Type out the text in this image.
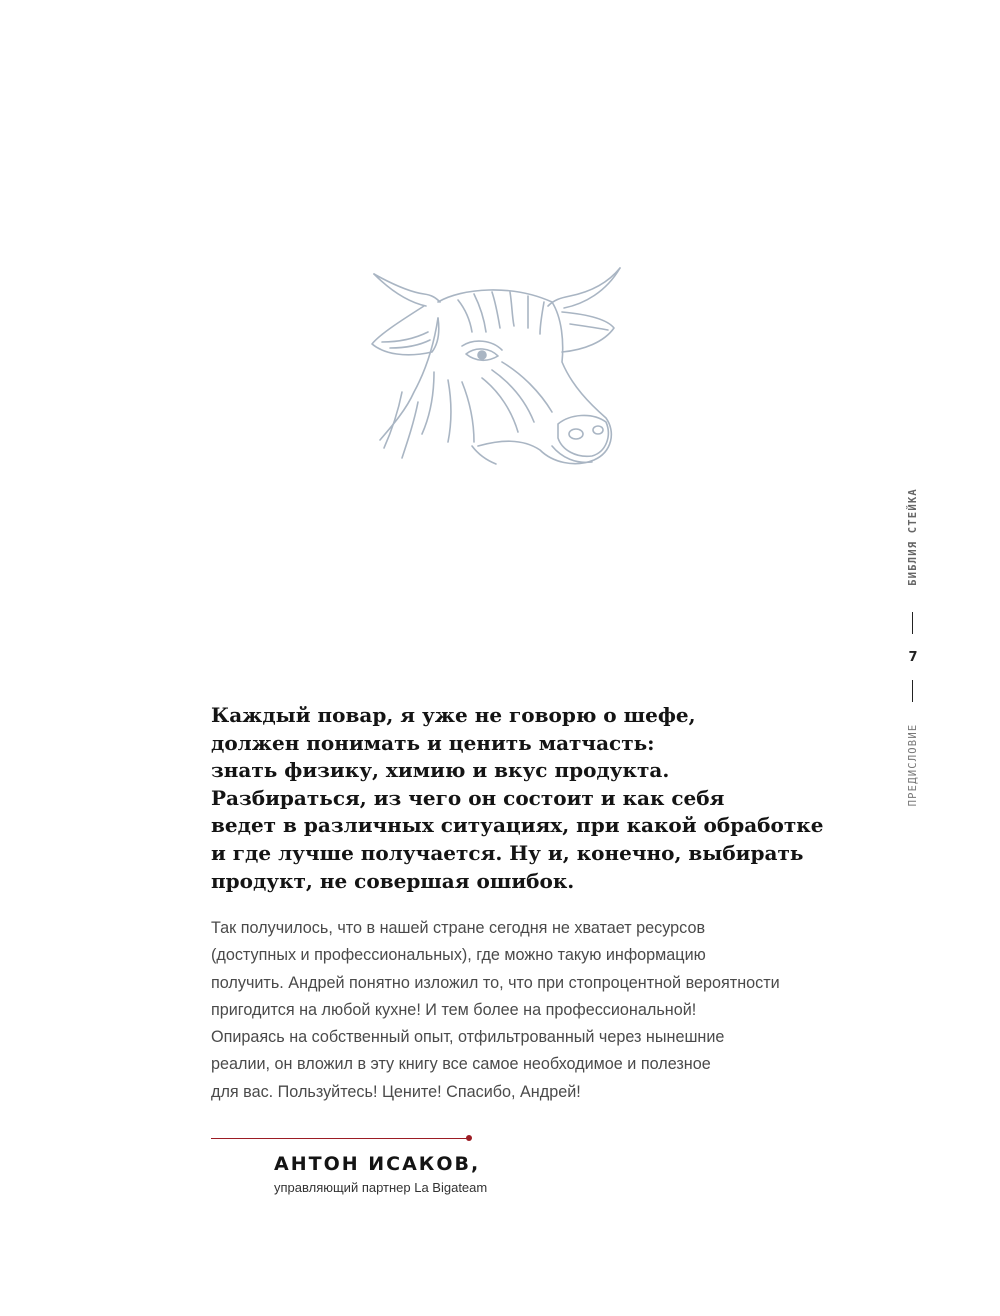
Каждый повар, я уже не говорю о шефе,
должен понимать и ценить матчасть:
знать физику, химию и вкус продукта.
Разбираться, из чего он состоит и как себя
ведет в различных ситуациях, при какой обработке
и где лучше получается. Ну и, конечно, выбирать
продукт, не совершая ошибок.

Так получилось, что в нашей стране сегодня не хватает ресурсов
(доступных и профессиональных), где можно такую информацию
получить. Андрей понятно изложил то, что при стопроцентной вероятности
пригодится на любой кухне! И тем более на профессиональной!
Опираясь на собственный опыт, отфильтрованный через нынешние
реалии, он вложил в эту книгу все самое необходимое и полезное
для вас. Пользуйтесь! Цените! Спасибо, Андрей!

АНТОН ИСАКОВ,
управляющий партнер La Bigateam
БИБЛИЯ СТЕЙКА
7
ПРЕДИСЛОВИЕ
